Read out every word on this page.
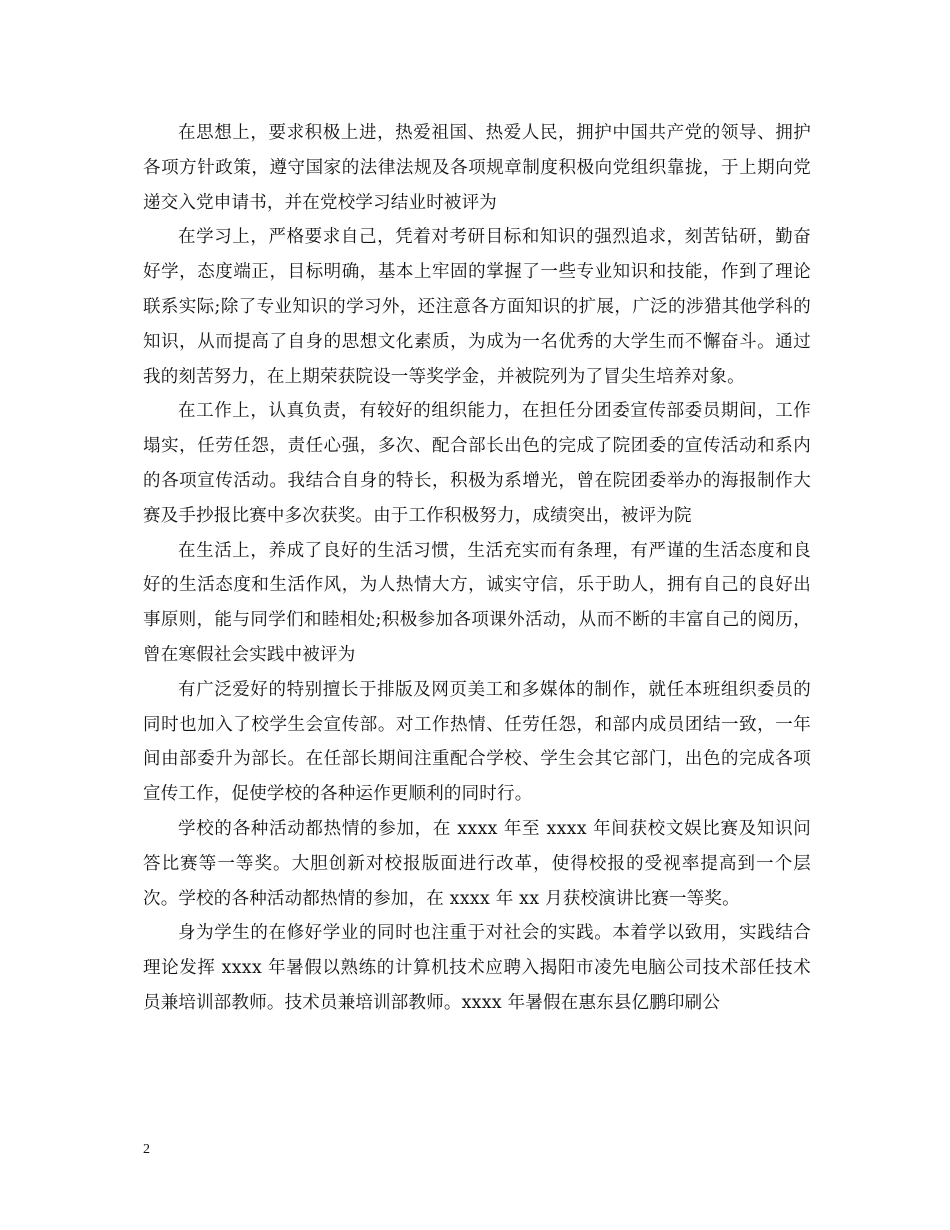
在思想上，要求积极上进，热爱祖国、热爱人民，拥护中国共产党的领导、拥护各项方针政策，遵守国家的法律法规及各项规章制度积极向党组织靠拢，于上期向党递交入党申请书，并在党校学习结业时被评为

在学习上，严格要求自己，凭着对考研目标和知识的强烈追求，刻苦钻研，勤奋好学，态度端正，目标明确，基本上牢固的掌握了一些专业知识和技能，作到了理论联系实际;除了专业知识的学习外，还注意各方面知识的扩展，广泛的涉猎其他学科的知识，从而提高了自身的思想文化素质，为成为一名优秀的大学生而不懈奋斗。通过我的刻苦努力，在上期荣获院设一等奖学金，并被院列为了冒尖生培养对象。

在工作上，认真负责，有较好的组织能力，在担任分团委宣传部委员期间，工作塌实，任劳任怨，责任心强，多次、配合部长出色的完成了院团委的宣传活动和系内的各项宣传活动。我结合自身的特长，积极为系增光，曾在院团委举办的海报制作大赛及手抄报比赛中多次获奖。由于工作积极努力，成绩突出，被评为院

在生活上，养成了良好的生活习惯，生活充实而有条理，有严谨的生活态度和良好的生活态度和生活作风，为人热情大方，诚实守信，乐于助人，拥有自己的良好出事原则，能与同学们和睦相处;积极参加各项课外活动，从而不断的丰富自己的阅历，曾在寒假社会实践中被评为

有广泛爱好的特别擅长于排版及网页美工和多媒体的制作，就任本班组织委员的同时也加入了校学生会宣传部。对工作热情、任劳任怨，和部内成员团结一致，一年间由部委升为部长。在任部长期间注重配合学校、学生会其它部门，出色的完成各项宣传工作，促使学校的各种运作更顺利的同时行。

学校的各种活动都热情的参加，在 xxxx 年至 xxxx 年间获校文娱比赛及知识问答比赛等一等奖。大胆创新对校报版面进行改革，使得校报的受视率提高到一个层次。学校的各种活动都热情的参加，在 xxxx 年 xx 月获校演讲比赛一等奖。

身为学生的在修好学业的同时也注重于对社会的实践。本着学以致用，实践结合理论发挥 xxxx 年暑假以熟练的计算机技术应聘入揭阳市凌先电脑公司技术部任技术员兼培训部教师。技术员兼培训部教师。xxxx 年暑假在惠东县亿鹏印刷公

2
